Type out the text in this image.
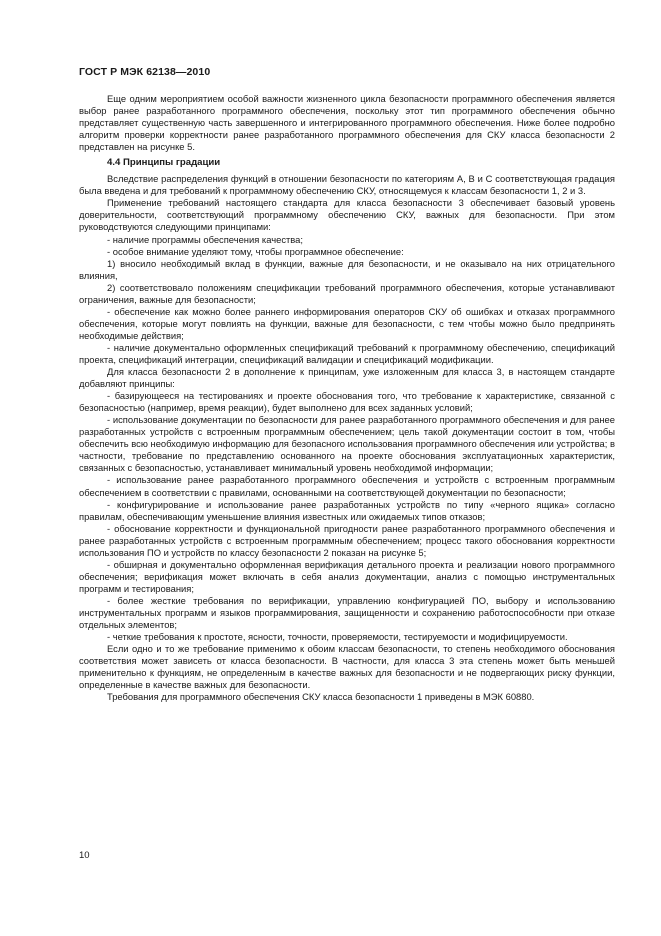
ГОСТ Р МЭК 62138—2010

Еще одним мероприятием особой важности жизненного цикла безопасности программного обеспечения является выбор ранее разработанного программного обеспечения, поскольку этот тип программного обеспечения обычно представляет существенную часть завершенного и интегрированного программного обеспечения. Ниже более подробно алгоритм проверки корректности ранее разработанного программного обеспечения для СКУ класса безопасности 2 представлен на рисунке 5.

4.4 Принципы градации

Вследствие распределения функций в отношении безопасности по категориям А, В и С соответствующая градация была введена и для требований к программному обеспечению СКУ, относящемуся к классам безопасности 1, 2 и 3.

Применение требований настоящего стандарта для класса безопасности 3 обеспечивает базовый уровень доверительности, соответствующий программному обеспечению СКУ, важных для безопасности. При этом руководствуются следующими принципами:

- наличие программы обеспечения качества;

- особое внимание уделяют тому, чтобы программное обеспечение:

1) вносило необходимый вклад в функции, важные для безопасности, и не оказывало на них отрицательного влияния,

2) соответствовало положениям спецификации требований программного обеспечения, которые устанавливают ограничения, важные для безопасности;

- обеспечение как можно более раннего информирования операторов СКУ об ошибках и отказах программного обеспечения, которые могут повлиять на функции, важные для безопасности, с тем чтобы можно было предпринять необходимые действия;

- наличие документально оформленных спецификаций требований к программному обеспечению, спецификаций проекта, спецификаций интеграции, спецификаций валидации и спецификаций модификации.

Для класса безопасности 2 в дополнение к принципам, уже изложенным для класса 3, в настоящем стандарте добавляют принципы:

- базирующееся на тестированиях и проекте обоснования того, что требование к характеристике, связанной с безопасностью (например, время реакции), будет выполнено для всех заданных условий;

- использование документации по безопасности для ранее разработанного программного обеспечения и для ранее разработанных устройств с встроенным программным обеспечением; цель такой документации состоит в том, чтобы обеспечить всю необходимую информацию для безопасного использования программного обеспечения или устройства; в частности, требование по представлению основанного на проекте обоснования эксплуатационных характеристик, связанных с безопасностью, устанавливает минимальный уровень необходимой информации;

- использование ранее разработанного программного обеспечения и устройств с встроенным программным обеспечением в соответствии с правилами, основанными на соответствующей документации по безопасности;

- конфигурирование и использование ранее разработанных устройств по типу «черного ящика» согласно правилам, обеспечивающим уменьшение влияния известных или ожидаемых типов отказов;

- обоснование корректности и функциональной пригодности ранее разработанного программного обеспечения и ранее разработанных устройств с встроенным программным обеспечением; процесс такого обоснования корректности использования ПО и устройств по классу безопасности 2 показан на рисунке 5;

- обширная и документально оформленная верификация детального проекта и реализации нового программного обеспечения; верификация может включать в себя анализ документации, анализ с помощью инструментальных программ и тестирования;

- более жесткие требования по верификации, управлению конфигурацией ПО, выбору и использованию инструментальных программ и языков программирования, защищенности и сохранению работоспособности при отказе отдельных элементов;

- четкие требования к простоте, ясности, точности, проверяемости, тестируемости и модифицируемости.

Если одно и то же требование применимо к обоим классам безопасности, то степень необходимого обоснования соответствия может зависеть от класса безопасности. В частности, для класса 3 эта степень может быть меньшей применительно к функциям, не определенным в качестве важных для безопасности и не подвергающих риску функции, определенные в качестве важных для безопасности.

Требования для программного обеспечения СКУ класса безопасности 1 приведены в МЭК 60880.

10
